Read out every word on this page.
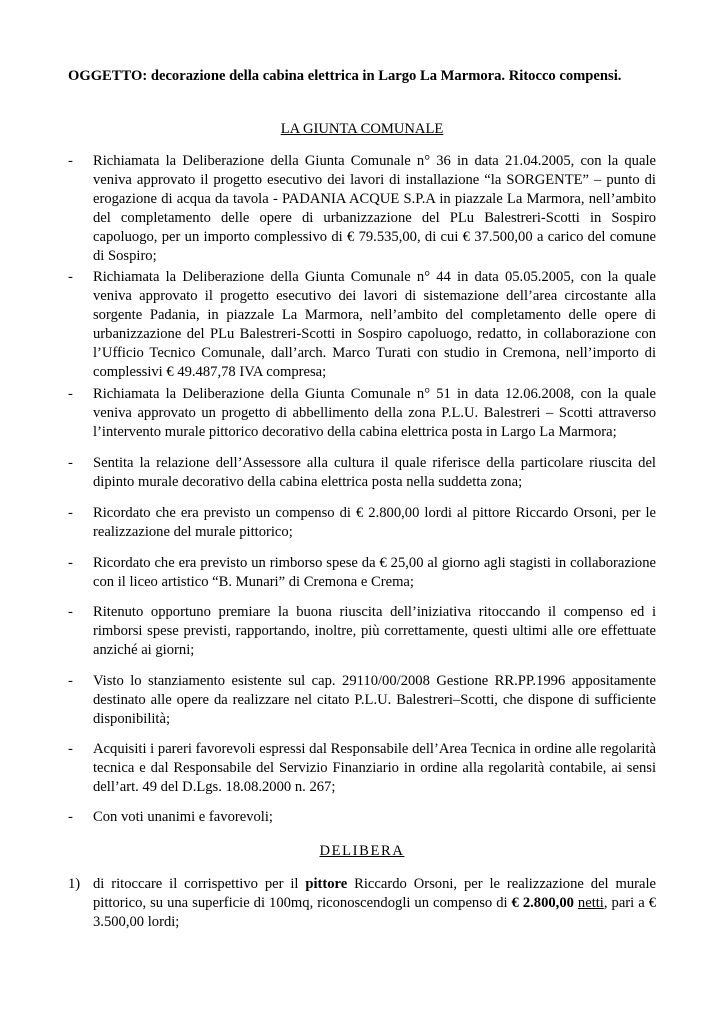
OGGETTO: decorazione della cabina elettrica in Largo La Marmora. Ritocco compensi.
LA GIUNTA COMUNALE
-	Richiamata la Deliberazione della Giunta Comunale n° 36 in data 21.04.2005, con la quale veniva approvato il progetto esecutivo dei lavori di installazione “la SORGENTE” – punto di erogazione di acqua da tavola - PADANIA ACQUE S.P.A in piazzale La Marmora, nell’ambito del completamento delle opere di urbanizzazione del PLu Balestreri-Scotti in Sospiro capoluogo, per un importo complessivo di € 79.535,00, di cui € 37.500,00 a carico del comune di Sospiro;
-	Richiamata la Deliberazione della Giunta Comunale n° 44 in data 05.05.2005, con la quale veniva approvato il progetto esecutivo dei lavori di sistemazione dell’area circostante alla sorgente Padania, in piazzale La Marmora, nell’ambito del completamento delle opere di urbanizzazione del PLu Balestreri-Scotti in Sospiro capoluogo, redatto, in collaborazione con l’Ufficio Tecnico Comunale, dall’arch. Marco Turati con studio in Cremona, nell’importo di complessivi € 49.487,78 IVA compresa;
-	Richiamata la Deliberazione della Giunta Comunale n° 51 in data 12.06.2008, con la quale veniva approvato un progetto di abbellimento della zona P.L.U. Balestreri – Scotti attraverso l’intervento murale pittorico decorativo della cabina elettrica posta in Largo La Marmora;
-	Sentita la relazione dell’Assessore alla cultura il quale riferisce della particolare riuscita del dipinto murale decorativo della cabina elettrica posta nella suddetta zona;
-	Ricordato che era previsto un compenso di € 2.800,00 lordi al pittore Riccardo Orsoni, per le realizzazione del murale pittorico;
-	Ricordato che era previsto un rimborso spese da € 25,00 al giorno agli stagisti in collaborazione con il liceo artistico “B. Munari” di Cremona e Crema;
-	Ritenuto opportuno premiare la buona riuscita dell’iniziativa ritoccando il compenso ed i rimborsi spese previsti, rapportando, inoltre, più correttamente, questi ultimi alle ore effettuate anziché ai giorni;
-	Visto lo stanziamento esistente sul cap. 29110/00/2008 Gestione RR.PP.1996 appositamente destinato alle opere da realizzare nel citato P.L.U. Balestreri–Scotti, che dispone di sufficiente disponibilità;
-	Acquisiti i pareri favorevoli espressi dal Responsabile dell’Area Tecnica in ordine alle regolarità tecnica e dal Responsabile del Servizio Finanziario in ordine alla regolarità contabile, ai sensi dell’art. 49 del D.Lgs. 18.08.2000 n. 267;
-	Con voti unanimi e favorevoli;
DELIBERA
1) di ritoccare il corrispettivo per il pittore Riccardo Orsoni, per le realizzazione del murale pittorico, su una superficie di 100mq, riconoscendogli un compenso di € 2.800,00 netti, pari a € 3.500,00 lordi;
